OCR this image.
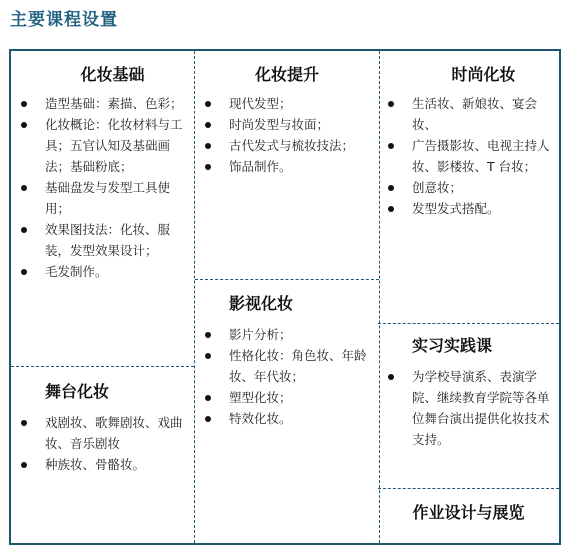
主要课程设置
化妆基础
造型基础：素描、色彩；
化妆概论：化妆材料与工具；五官认知及基础画法；基础粉底；
基础盘发与发型工具使用；
效果图技法：化妆、服装，发型效果设计；
毛发制作。
舞台化妆
戏剧妆、歌舞剧妆、戏曲妆、音乐剧妆
种族妆、骨骼妆。
化妆提升
现代发型；
时尚发型与妆面；
古代发式与梳妆技法；
饰品制作。
影视化妆
影片分析；
性格化妆：角色妆、年龄妆、年代妆；
塑型化妆；
特效化妆。
时尚化妆
生活妆、新娘妆、宴会妆、
广告摄影妆、电视主持人妆、影楼妆、T 台妆；
创意妆；
发型发式搭配。
实习实践课
为学校导演系、表演学院、继续教育学院等各单位舞台演出提供化妆技术支持。
作业设计与展览
